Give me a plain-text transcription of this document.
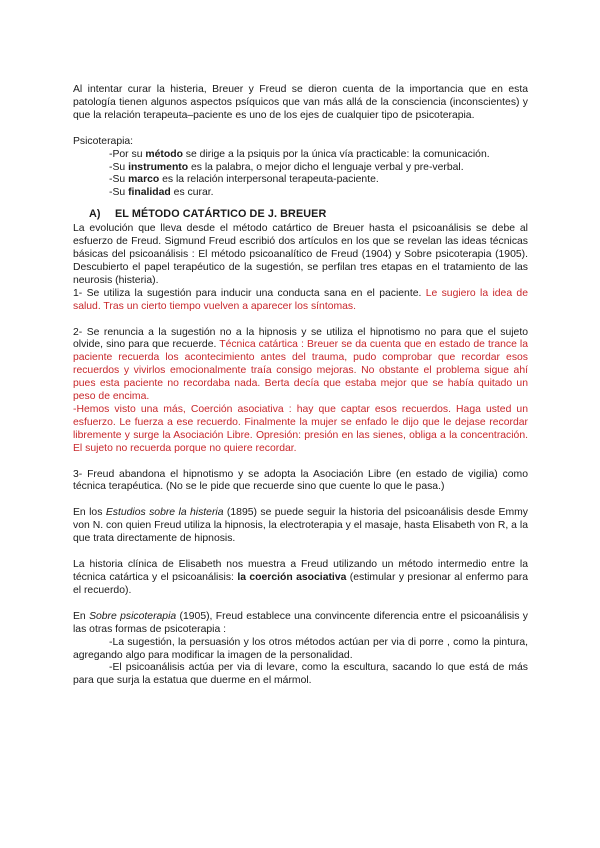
Al intentar curar la histeria, Breuer y Freud se dieron cuenta de la importancia que en esta patología tienen algunos aspectos psíquicos que van más allá de la consciencia (inconscientes) y que la relación terapeuta–paciente es uno de los ejes de cualquier tipo de psicoterapia.

Psicoterapia:

-Por su método se dirige a la psiquis por la única vía practicable: la comunicación.

-Su instrumento es la palabra, o mejor dicho el lenguaje verbal y pre-verbal.

-Su marco es la relación interpersonal terapeuta-paciente.

-Su finalidad es curar.

A) EL MÉTODO CATÁRTICO DE J. BREUER

La evolución que lleva desde el método catártico de Breuer hasta el psicoanálisis se debe al esfuerzo de Freud. Sigmund Freud escribió dos artículos en los que se revelan las ideas técnicas básicas del psicoanálisis : El método psicoanalítico de Freud (1904) y Sobre psicoterapia (1905). Descubierto el papel terapéutico de la sugestión, se perfilan tres etapas en el tratamiento de las neurosis (histeria).

1- Se utiliza la sugestión para inducir una conducta sana en el paciente. Le sugiero la idea de salud. Tras un cierto tiempo vuelven a aparecer los síntomas.

2- Se renuncia a la sugestión no a la hipnosis y se utiliza el hipnotismo no para que el sujeto olvide, sino para que recuerde. Técnica catártica : Breuer se da cuenta que en estado de trance la paciente recuerda los acontecimiento antes del trauma, pudo comprobar que recordar esos recuerdos y vivirlos emocionalmente traía consigo mejoras. No obstante el problema sigue ahí pues esta paciente no recordaba nada. Berta decía que estaba mejor que se había quitado un peso de encima.

-Hemos visto una más, Coerción asociativa : hay que captar esos recuerdos. Haga usted un esfuerzo. Le fuerza a ese recuerdo. Finalmente la mujer se enfado le dijo que le dejase recordar libremente y surge la Asociación Libre. Opresión: presión en las sienes, obliga a la concentración. El sujeto no recuerda porque no quiere recordar.

3- Freud abandona el hipnotismo y se adopta la Asociación Libre (en estado de vigilia) como técnica terapéutica. (No se le pide que recuerde sino que cuente lo que le pasa.)

En los Estudios sobre la histeria (1895) se puede seguir la historia del psicoanálisis desde Emmy von N. con quien Freud utiliza la hipnosis, la electroterapia y el masaje, hasta Elisabeth von R, a la que trata directamente de hipnosis.

La historia clínica de Elisabeth nos muestra a Freud utilizando un método intermedio entre la técnica catártica y el psicoanálisis: la coerción asociativa (estimular y presionar al enfermo para el recuerdo).

En Sobre psicoterapia (1905), Freud establece una convincente diferencia entre el psicoanálisis y las otras formas de psicoterapia :

-La sugestión, la persuasión y los otros métodos actúan per via di porre , como la pintura, agregando algo para modificar la imagen de la personalidad.

-El psicoanálisis actúa per via di levare, como la escultura, sacando lo que está de más para que surja la estatua que duerme en el mármol.
